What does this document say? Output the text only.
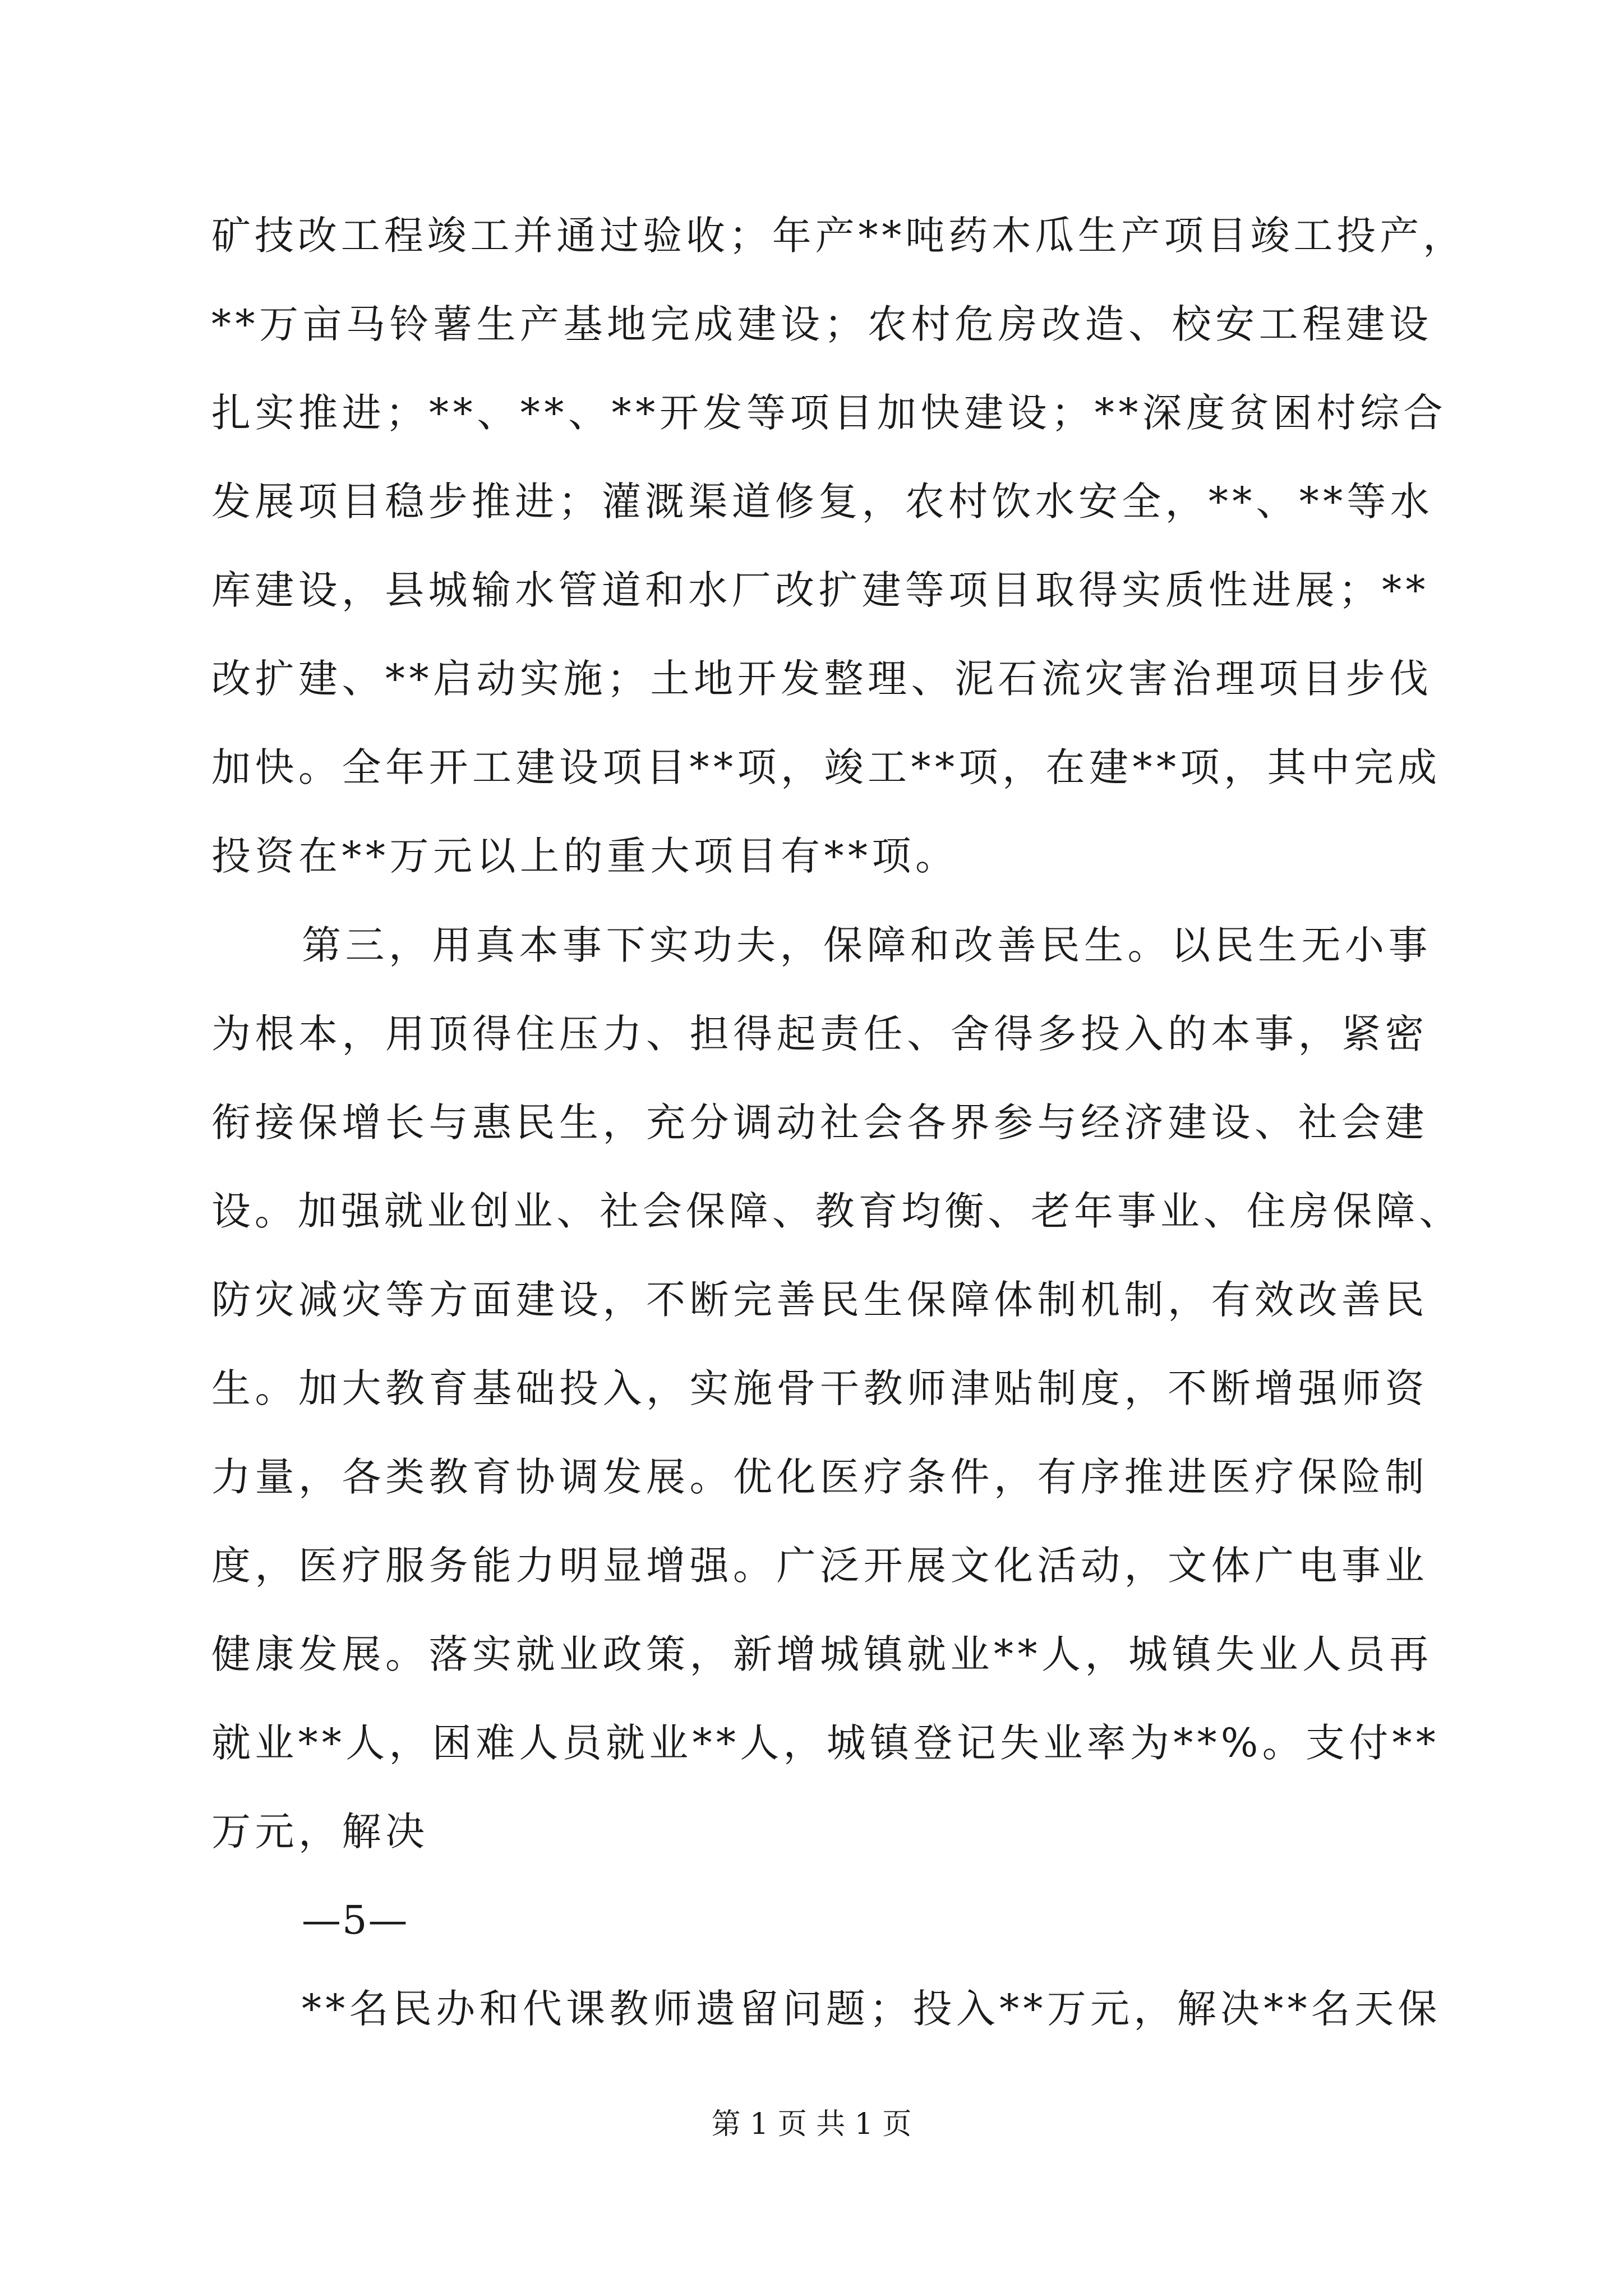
矿技改工程竣工并通过验收；年产**吨药木瓜生产项目竣工投产，
**万亩马铃薯生产基地完成建设；农村危房改造、校安工程建设
扎实推进；**、**、**开发等项目加快建设；**深度贫困村综合
发展项目稳步推进；灌溉渠道修复，农村饮水安全，**、**等水
库建设，县城输水管道和水厂改扩建等项目取得实质性进展；**
改扩建、**启动实施；土地开发整理、泥石流灾害治理项目步伐
加快。全年开工建设项目**项，竣工**项，在建**项，其中完成
投资在**万元以上的重大项目有**项。
第三，用真本事下实功夫，保障和改善民生。以民生无小事
为根本，用顶得住压力、担得起责任、舍得多投入的本事，紧密
衔接保增长与惠民生，充分调动社会各界参与经济建设、社会建
设。加强就业创业、社会保障、教育均衡、老年事业、住房保障、
防灾减灾等方面建设，不断完善民生保障体制机制，有效改善民
生。加大教育基础投入，实施骨干教师津贴制度，不断增强师资
力量，各类教育协调发展。优化医疗条件，有序推进医疗保险制
度，医疗服务能力明显增强。广泛开展文化活动，文体广电事业
健康发展。落实就业政策，新增城镇就业**人，城镇失业人员再
就业**人，困难人员就业**人，城镇登记失业率为**%。支付**
万元，解决
—5—
**名民办和代课教师遗留问题；投入**万元，解决**名天保
第 1 页 共 1 页
